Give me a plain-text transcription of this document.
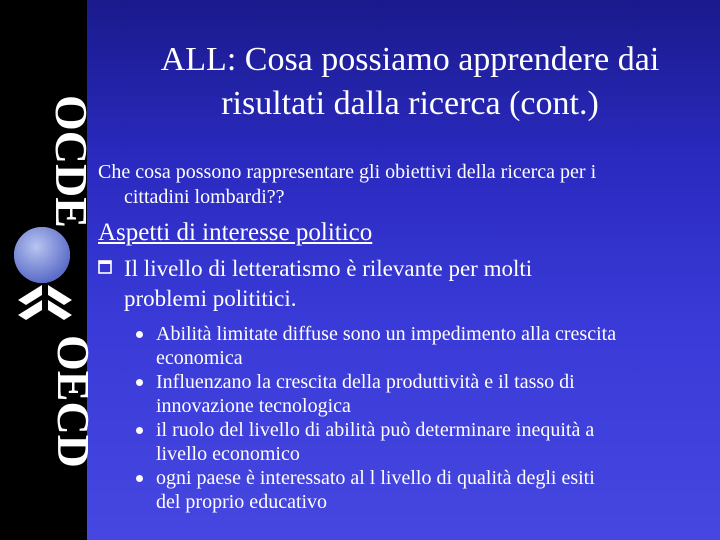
OCDE
OECD
ALL: Cosa possiamo apprendere dai
risultati dalla ricerca (cont.)
Che cosa possono rappresentare gli obiettivi della ricerca per i
cittadini lombardi??
Aspetti di interesse politico
Il livello di letteratismo è rilevante per molti
problemi polititici.
Abilità limitate diffuse sono un impedimento alla crescita
economica
Influenzano la crescita della produttività e il tasso di
innovazione tecnologica
il ruolo del livello di abilità può determinare inequità a
livello economico
ogni paese è interessato al l livello di qualità degli esiti
del proprio educativo
